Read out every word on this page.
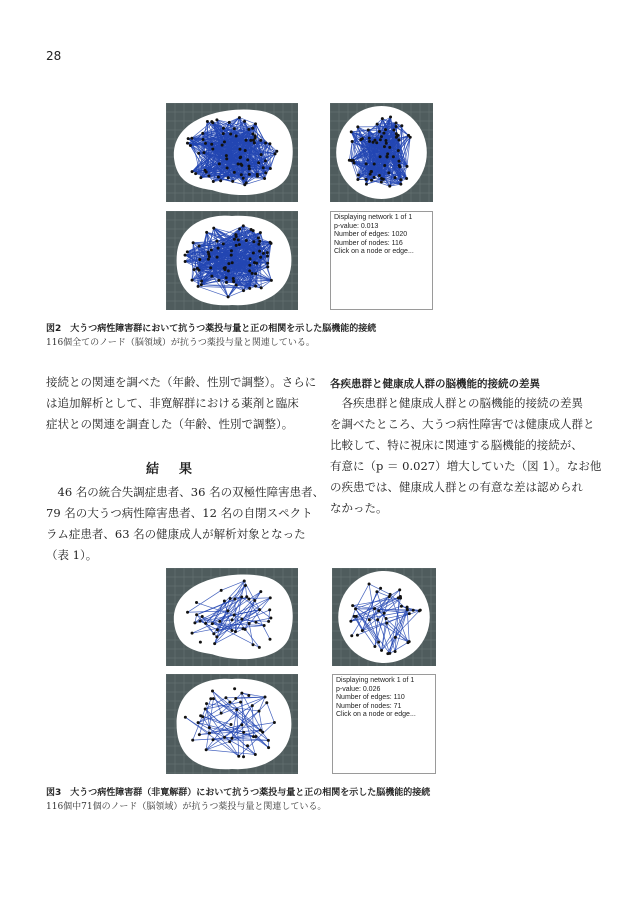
28
Displaying network 1 of 1
p-value: 0.013
Number of edges: 1020
Number of nodes: 116
Click on a node or edge...
図2　大うつ病性障害群において抗うつ薬投与量と正の相関を示した脳機能的接続
116個全てのノード（脳領域）が抗うつ薬投与量と関連している。
接続との関連を調べた（年齢、性別で調整）。さらに
は追加解析として、非寛解群における薬剤と臨床
症状との関連を調査した（年齢、性別で調整）。
結果
　46 名の統合失調症患者、36 名の双極性障害患者、
79 名の大うつ病性障害患者、12 名の自閉スペクト
ラム症患者、63 名の健康成人が解析対象となった
（表 1）。
各疾患群と健康成人群の脳機能的接続の差異
　各疾患群と健康成人群との脳機能的接続の差異
を調べたところ、大うつ病性障害では健康成人群と
比較して、特に視床に関連する脳機能的接続が、
有意に（p ＝ 0.027）増大していた（図 1）。なお他
の疾患では、健康成人群との有意な差は認められ
なかった。
Displaying network 1 of 1
p-value: 0.026
Number of edges: 110
Number of nodes: 71
Click on a node or edge...
図3　大うつ病性障害群（非寛解群）において抗うつ薬投与量と正の相関を示した脳機能的接続
116個中71個のノード（脳領域）が抗うつ薬投与量と関連している。
